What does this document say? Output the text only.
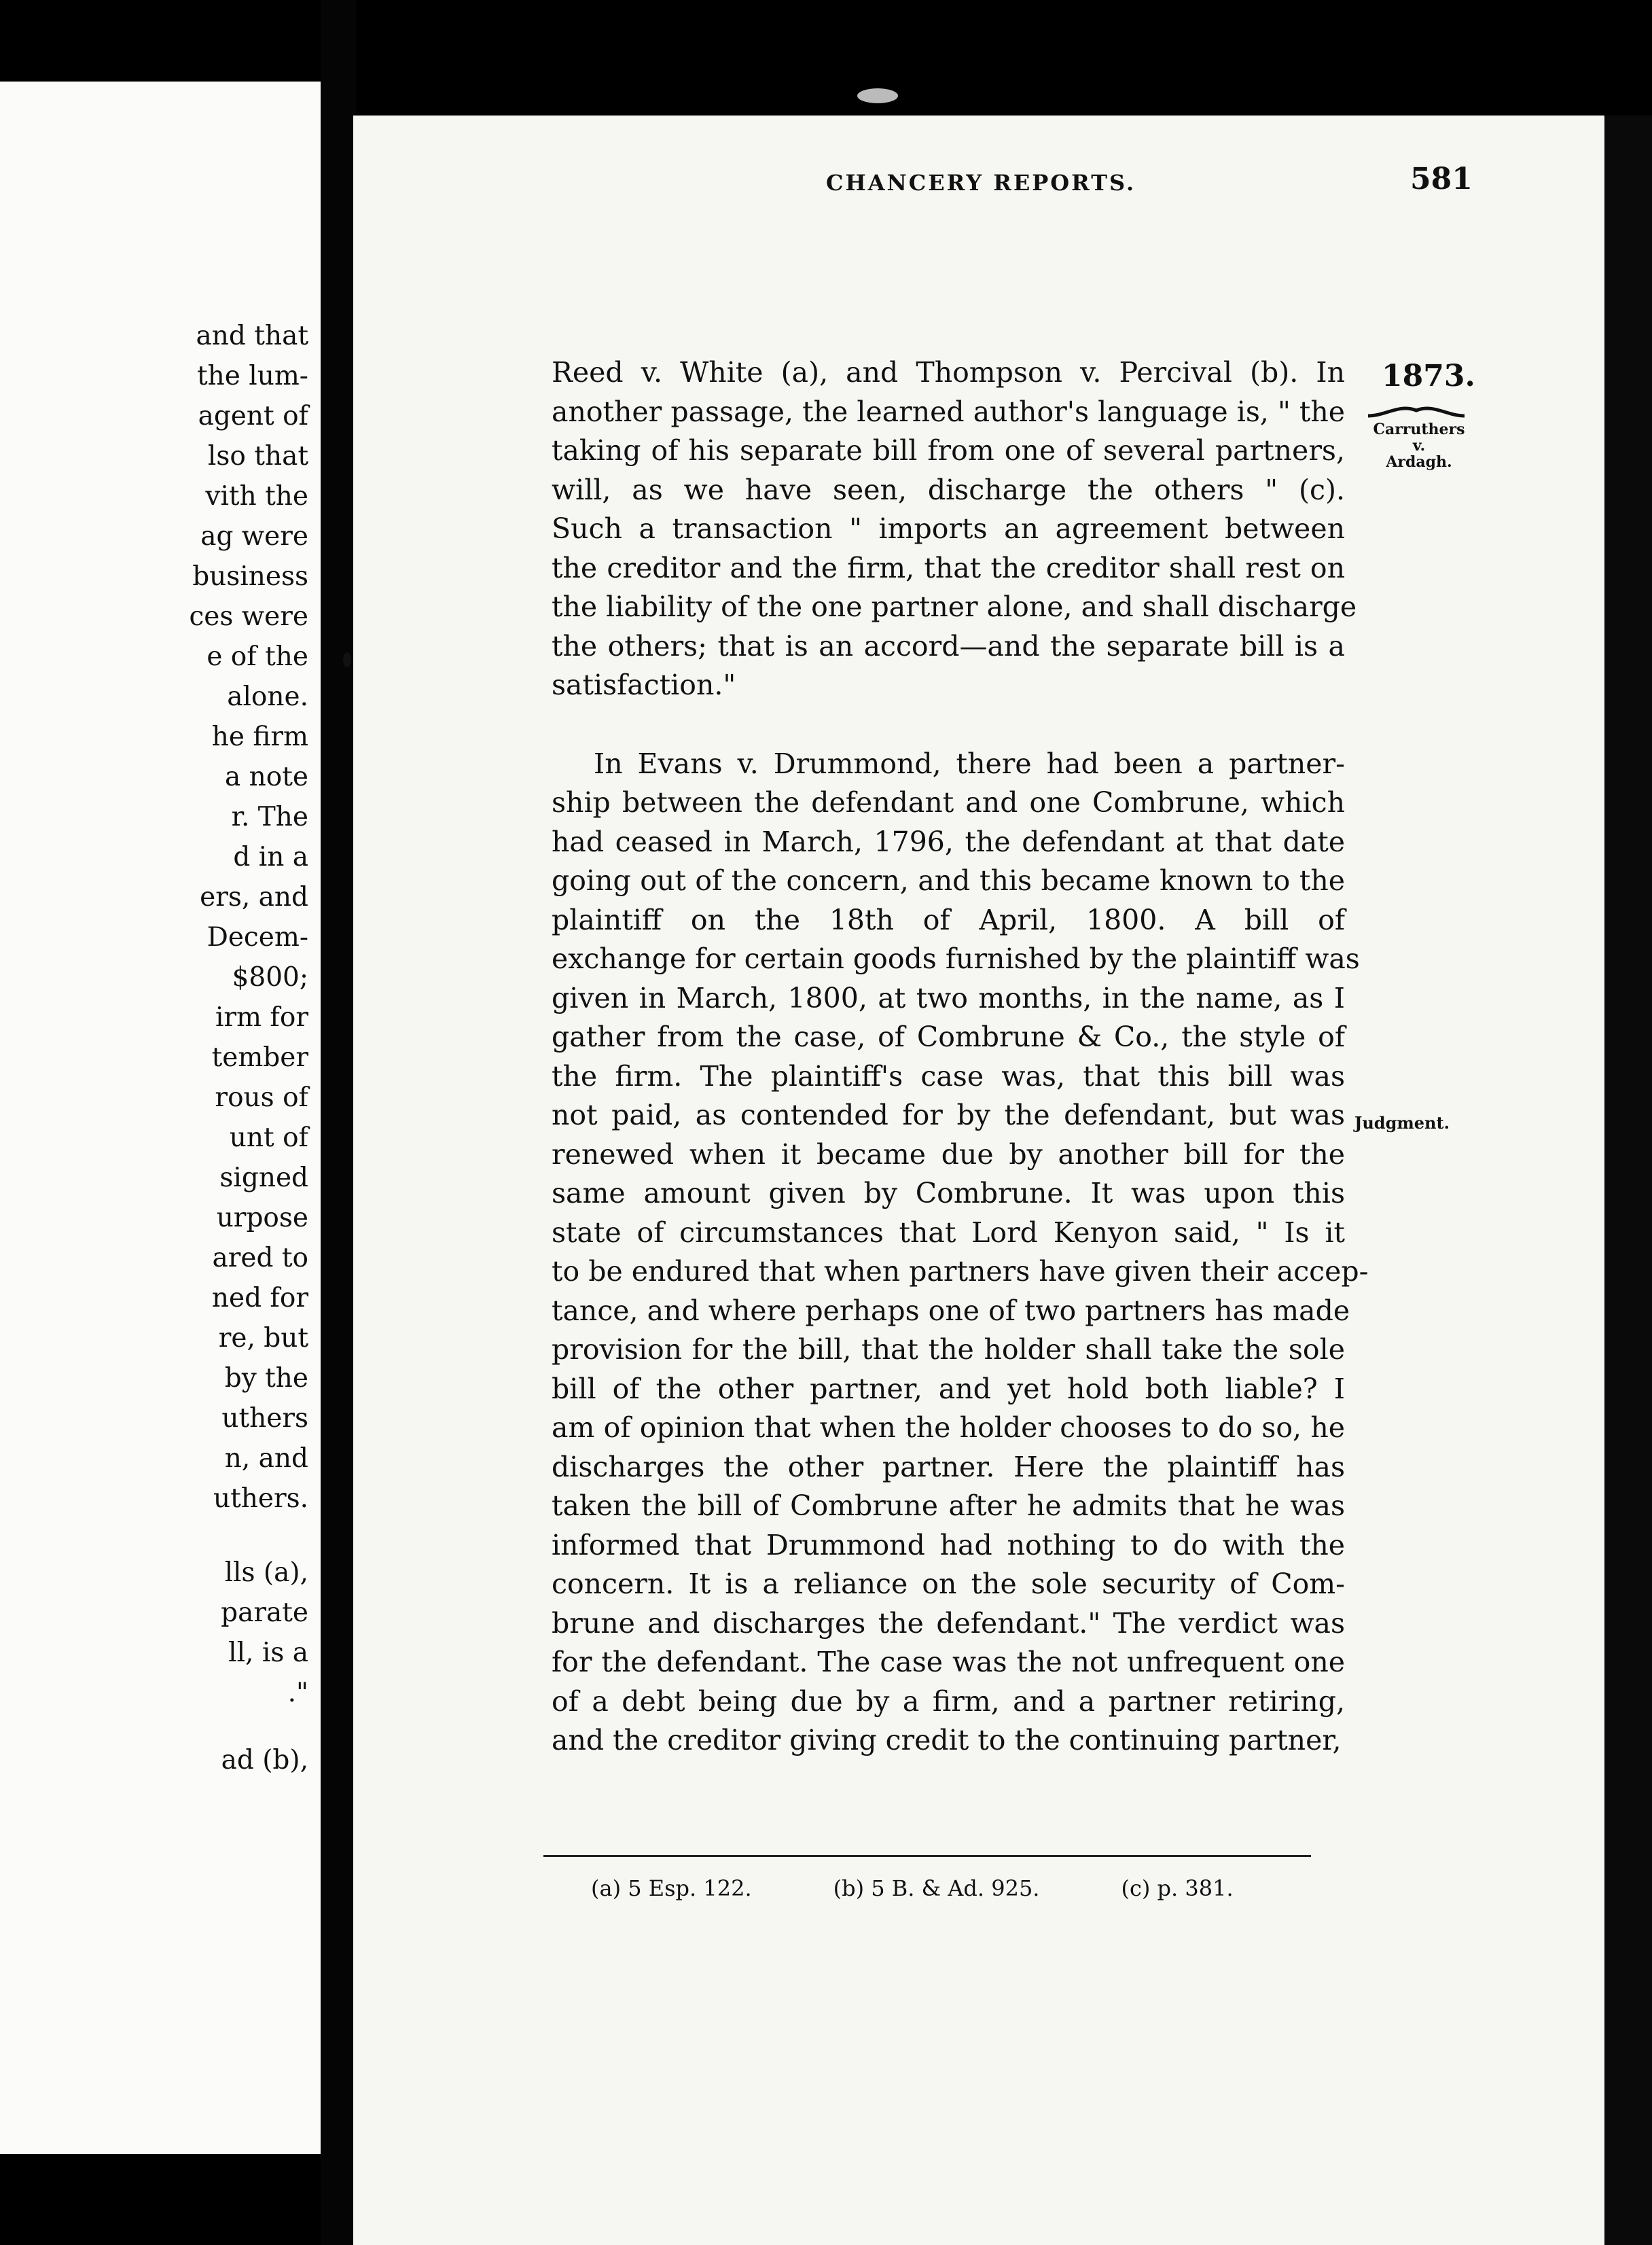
and that
the lum-
agent of
lso that
vith the
ag were
business
ces were
e of the
alone.
he firm
a note
r. The
d in a
ers, and
Decem-
$800;
irm for
tember
rous of
unt of
signed
urpose
ared to
ned for
re, but
by the
uthers
n, and
uthers.
lls (a),
parate
ll, is a
."
ad (b),
CHANCERY REPORTS.	581
1873.
Carruthers
v.
Ardagh.
Judgment.
Reed v. White (a), and Thompson v. Percival (b). In
another passage, the learned author's language is, " the
taking of his separate bill from one of several partners,
will, as we have seen, discharge the others " (c).
Such a transaction " imports an agreement between
the creditor and the firm, that the creditor shall rest on
the liability of the one partner alone, and shall discharge
the others; that is an accord—and the separate bill is a
satisfaction."
In Evans v. Drummond, there had been a partner-
ship between the defendant and one Combrune, which
had ceased in March, 1796, the defendant at that date
going out of the concern, and this became known to the
plaintiff on the 18th of April, 1800. A bill of
exchange for certain goods furnished by the plaintiff was
given in March, 1800, at two months, in the name, as I
gather from the case, of Combrune & Co., the style of
the firm. The plaintiff's case was, that this bill was
not paid, as contended for by the defendant, but was
renewed when it became due by another bill for the
same amount given by Combrune. It was upon this
state of circumstances that Lord Kenyon said, " Is it
to be endured that when partners have given their accep-
tance, and where perhaps one of two partners has made
provision for the bill, that the holder shall take the sole
bill of the other partner, and yet hold both liable? I
am of opinion that when the holder chooses to do so, he
discharges the other partner. Here the plaintiff has
taken the bill of Combrune after he admits that he was
informed that Drummond had nothing to do with the
concern. It is a reliance on the sole security of Com-
brune and discharges the defendant." The verdict was
for the defendant. The case was the not unfrequent one
of a debt being due by a firm, and a partner retiring,
and the creditor giving credit to the continuing partner,
(a) 5 Esp. 122.	(b) 5 B. & Ad. 925.	(c) p. 381.
